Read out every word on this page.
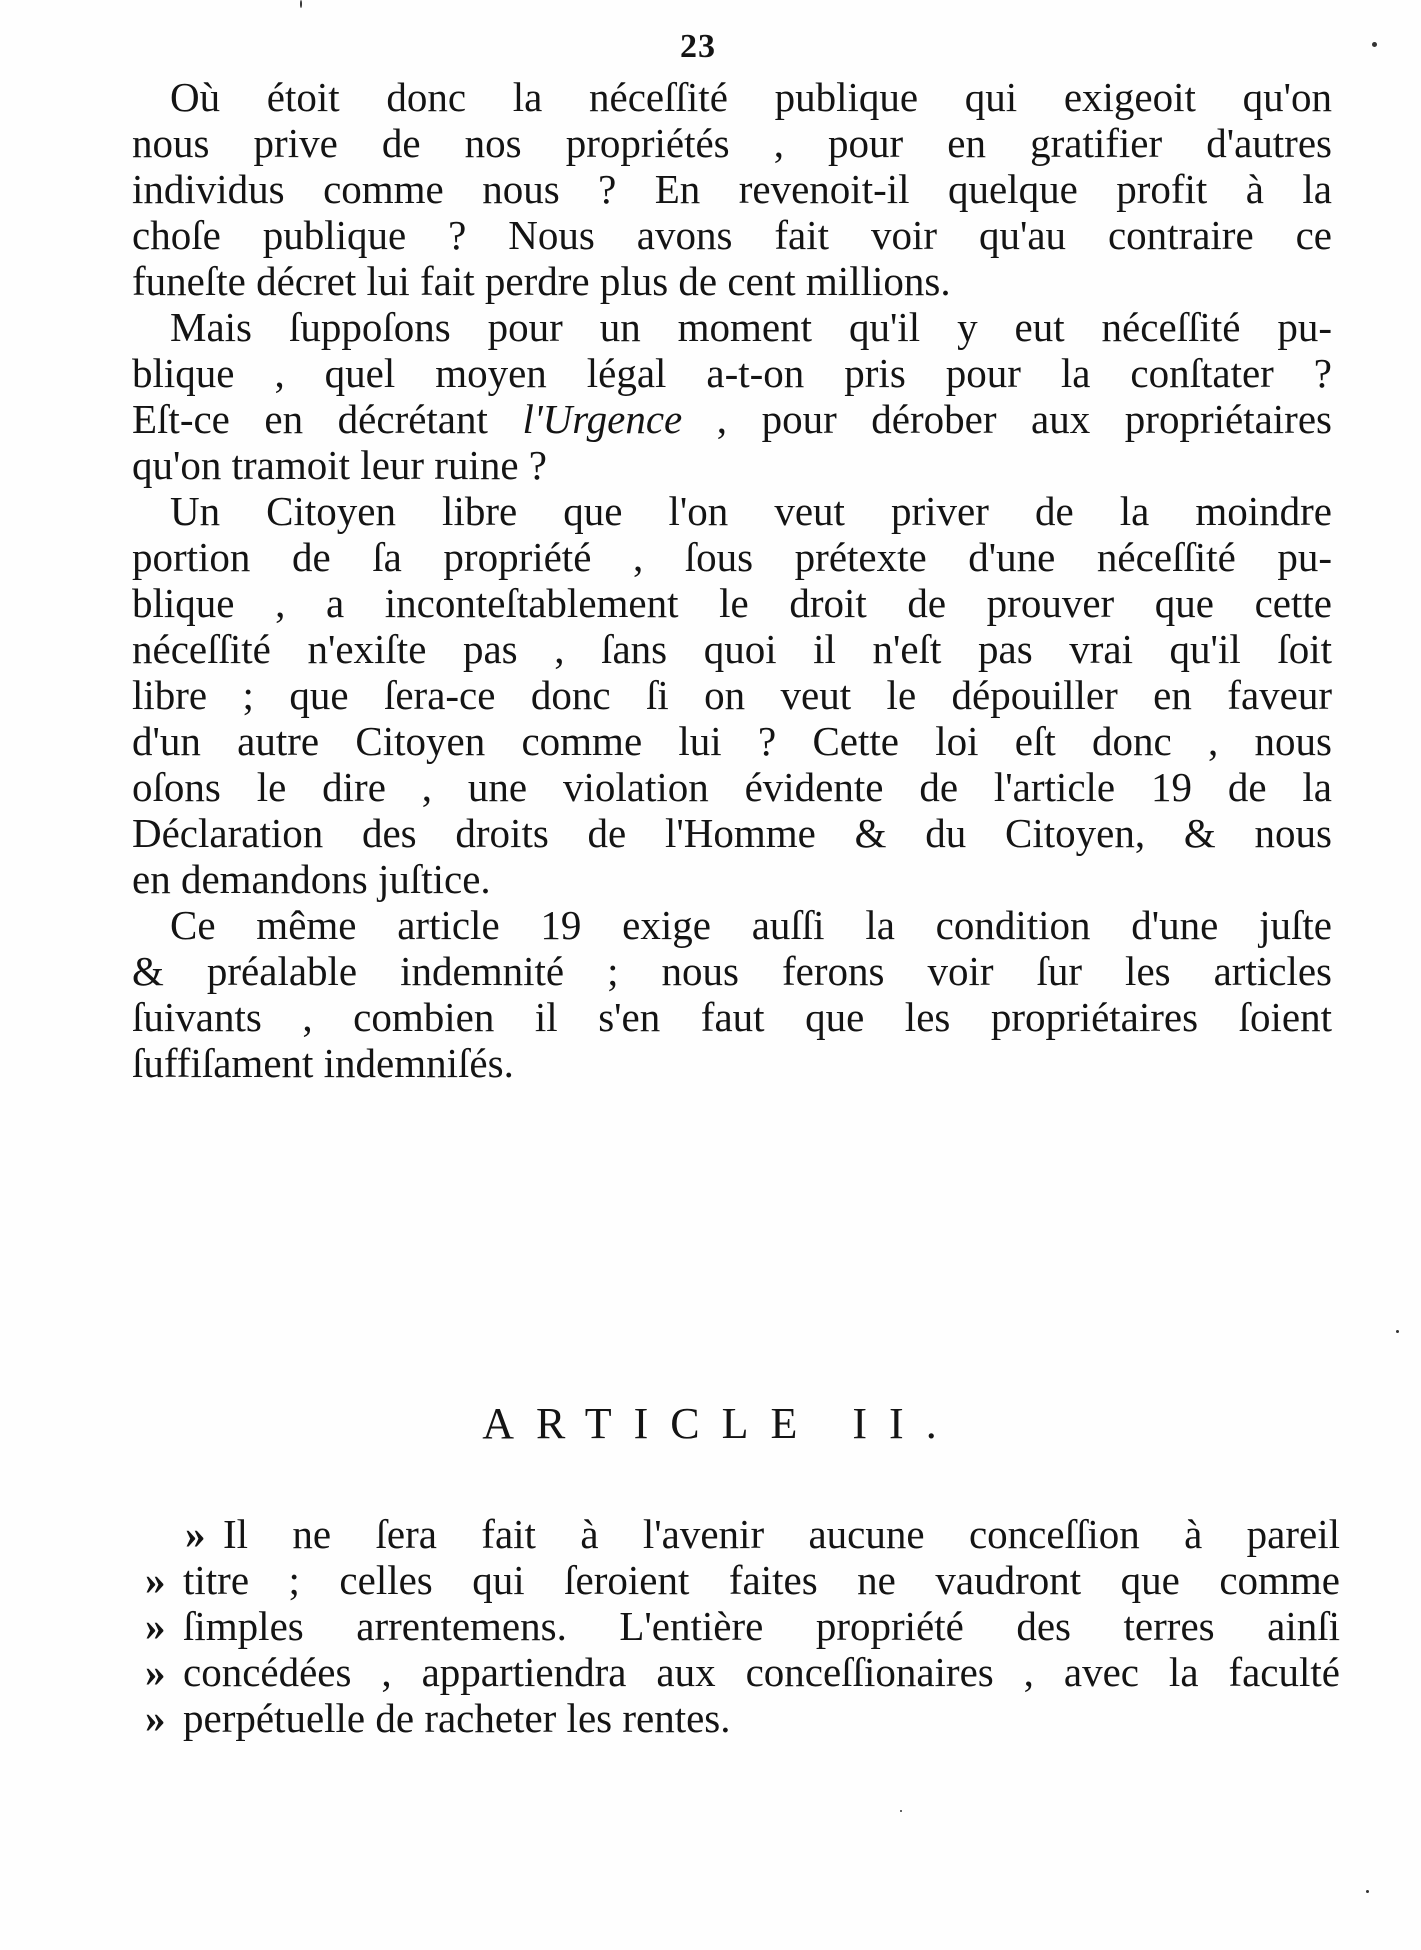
23
Où étoit donc la néceſſité publique qui exigeoit qu'on
nous prive de nos propriétés , pour en gratifier d'autres
individus comme nous ? En revenoit-il quelque profit à la
choſe publique ? Nous avons fait voir qu'au contraire ce
funeſte décret lui fait perdre plus de cent millions.
Mais ſuppoſons pour un moment qu'il y eut néceſſité pu-
blique , quel moyen légal a-t-on pris pour la conſtater ?
Eſt-ce en décrétant l'Urgence , pour dérober aux propriétaires
qu'on tramoit leur ruine ?
Un Citoyen libre que l'on veut priver de la moindre
portion de ſa propriété , ſous prétexte d'une néceſſité pu-
blique , a inconteſtablement le droit de prouver que cette
néceſſité n'exiſte pas , ſans quoi il n'eſt pas vrai qu'il ſoit
libre ; que ſera-ce donc ſi on veut le dépouiller en faveur
d'un autre Citoyen comme lui ? Cette loi eſt donc , nous
oſons le dire , une violation évidente de l'article 19 de la
Déclaration des droits de l'Homme & du Citoyen, & nous
en demandons juſtice.
Ce même article 19 exige auſſi la condition d'une juſte
& préalable indemnité ; nous ferons voir ſur les articles
ſuivants , combien il s'en faut que les propriétaires ſoient
ſuffiſament indemniſés.
ARTICLE II.
» Il ne ſera fait à l'avenir aucune conceſſion à pareil
» titre ; celles qui ſeroient faites ne vaudront que comme
» ſimples arrentemens. L'entière propriété des terres ainſi
» concédées , appartiendra aux conceſſionaires , avec la faculté
» perpétuelle de racheter les rentes.
